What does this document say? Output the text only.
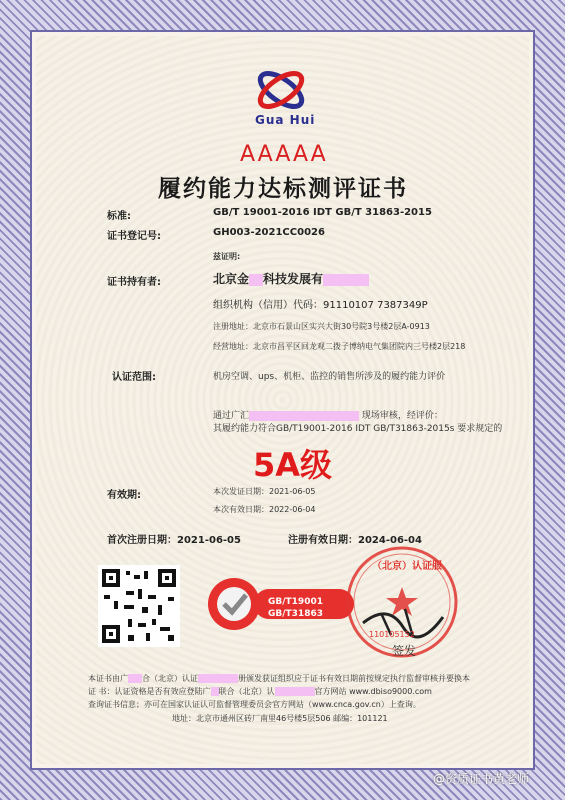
Gua Hui
AAAAA
履约能力达标测评证书
标准:	GB/T 19001-2016 IDT GB/T 31863-2015
证书登记号:	GH003-2021CC0026
兹证明:
证书持有者:	北京金 科技发展有
组织机构（信用）代码：91110107 7387349P
注册地址：北京市石景山区实兴大街30号院3号楼2层A-0913
经营地址：北京市昌平区回龙观二拨子博纳电气集团院内三号楼2层218
认证范围:	机房空调、ups、机柜、监控的销售所涉及的履约能力评价
通过广汇	现场审核，经评价：
其履约能力符合GB/T19001-2016 IDT GB/T31863-2015s 要求规定的
5A级
有效期:	本次发证日期：2021-06-05
本次有效日期：2022-06-04
首次注册日期：2021-06-05	注册有效日期：2024-06-04
GB/T19001
GB/T31863
（北京）认证服
110105152
签发
本证书由广 合（北京）认证	册颁发获证组织应于证书有效日期前按规定执行监督审核并要换本
证 书：认证资格是否有效应登陆广 联合（北京）认	官方网站 www.dbiso9000.com
查询证书信息；亦可在国家认证认可监督管理委员会官方网站（www.cnca.gov.cn）上查询。
地址：北京市通州区砖厂南里46号楼5层506 邮编：101121
@资质证书黄老师
